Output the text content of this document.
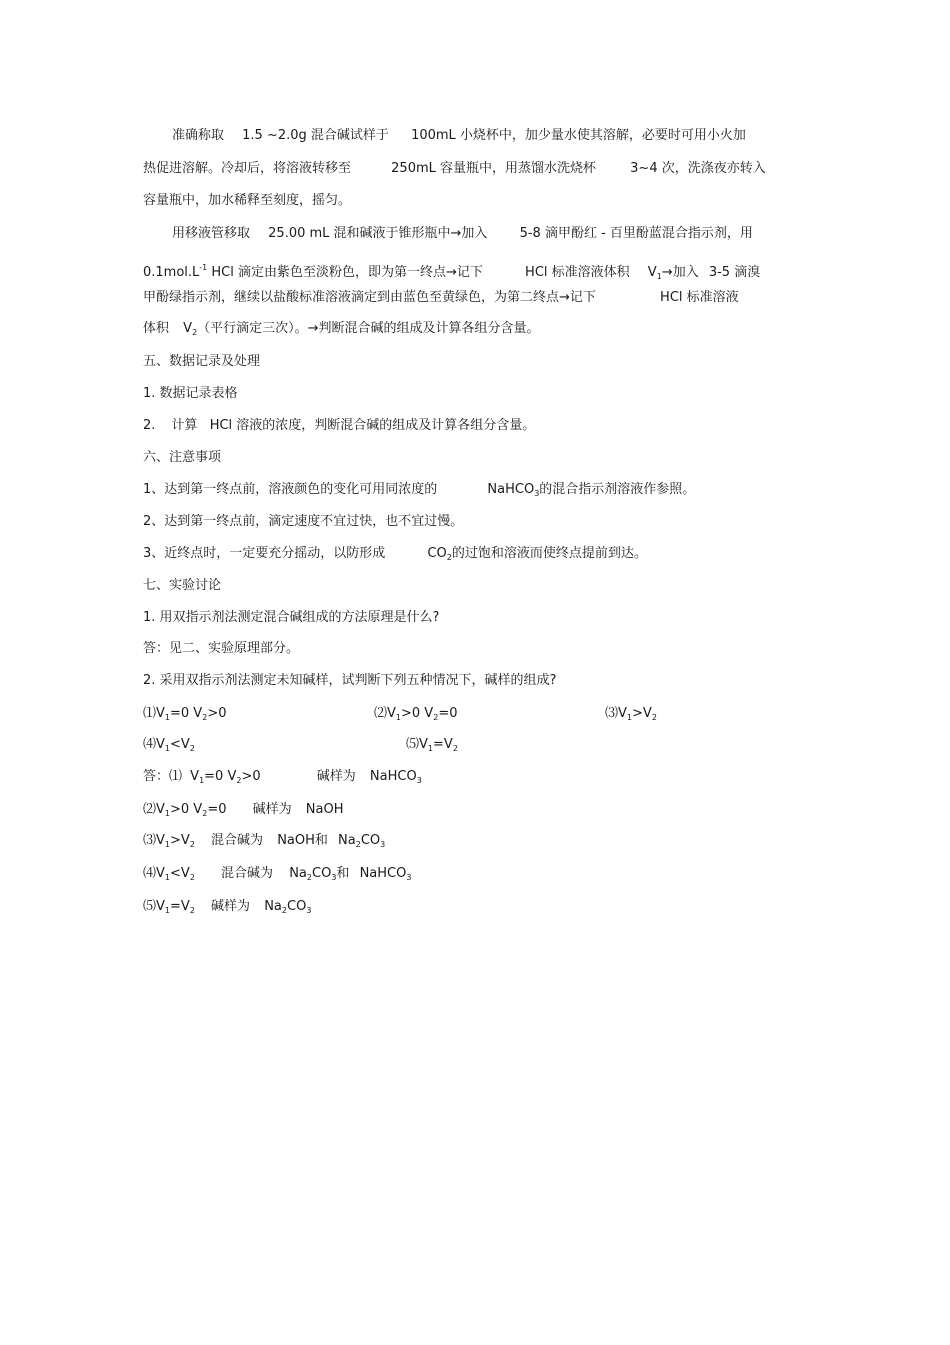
准确称取 1.5 ~2.0g 混合碱试样于 100mL 小烧杯中，加少量水使其溶解，必要时可用小火加
热促进溶解。冷却后，将溶液转移至	250mL 容量瓶中，用蒸馏水洗烧杯	3~4 次，洗涤夜亦转入
容量瓶中，加水稀释至刻度，摇匀。
用移液管移取 25.00 mL 混和碱液于锥形瓶中→加入 5-8 滴甲酚红 - 百里酚蓝混合指示剂，用
$0.1mol.L^{-1}$ HCl 滴定由紫色至淡粉色，即为第一终点→记下	HCl 标准溶液体积 $V_1\to$加入 3-5 滴溴
甲酚绿指示剂，继续以盐酸标准溶液滴定到由蓝色至黄绿色，为第二终点→记下	HCl 标准溶液
体积 $V_2$（平行滴定三次）。→判断混合碱的组成及计算各组分含量。
五、数据记录及处理
1. 数据记录表格
2. 计算 HCl 溶液的浓度，判断混合碱的组成及计算各组分含量。
六、注意事项
1、达到第一终点前，溶液颜色的变化可用同浓度的	NaHCO$_3$的混合指示剂溶液作参照。
2、达到第一终点前，滴定速度不宜过快，也不宜过慢。
3、近终点时，一定要充分摇动，以防形成	$CO_2$的过饱和溶液而使终点提前到达。
七、实验讨论
1. 用双指示剂法测定混合碱组成的方法原理是什么?
答：见二、实验原理部分。
2. 采用双指示剂法测定未知碱样，试判断下列五种情况下，碱样的组成?
$⑴V_1=0$ $V_2>0$	$⑵V_1>0$ $V_2=0$	$⑶V_1>V_2$
$⑷V_1<V_2$	$⑸V_1=V_2$
答：⑴ $V_1=0$ $V_2>0$	碱样为 NaHCO$_3$
$⑵V_1>0$ $V_2=0$ 碱样为 NaOH
$⑶V_1>V_2$ 混合碱为 NaOH和 $Na_2CO_3$
$⑷V_1<V_2$ 混合碱为 $Na_2CO_3$和 NaHCO$_3$
$⑸V_1=V_2$ 碱样为 $Na_2CO_3$
